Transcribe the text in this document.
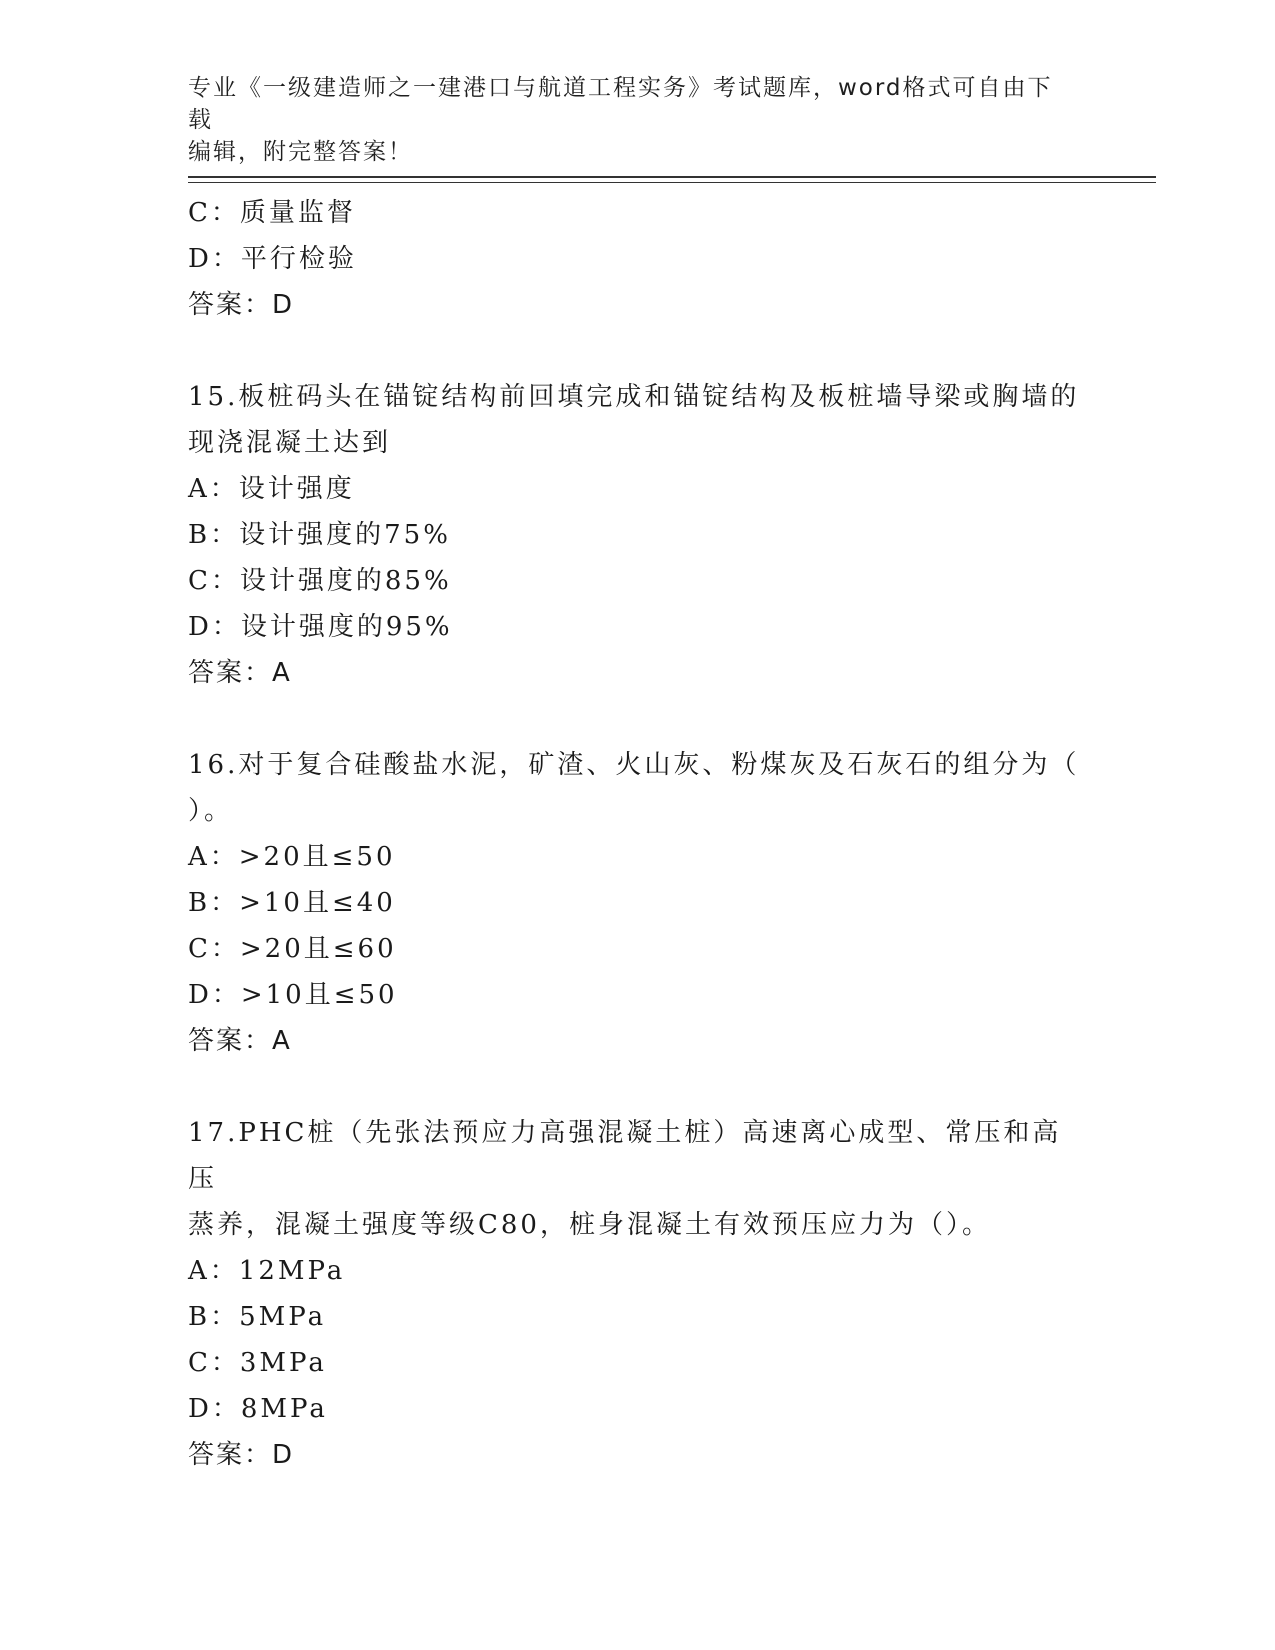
专业《一级建造师之一建港口与航道工程实务》考试题库，word格式可自由下载
编辑，附完整答案！
C：质量监督
D：平行检验
答案：D
15.板桩码头在锚锭结构前回填完成和锚锭结构及板桩墙导梁或胸墙的
现浇混凝土达到
A：设计强度
B：设计强度的75%
C：设计强度的85%
D：设计强度的95%
答案：A
16.对于复合硅酸盐水泥，矿渣、火山灰、粉煤灰及石灰石的组分为（
）。
A：>20且≤50
B：>10且≤40
C：>20且≤60
D：>10且≤50
答案：A
17.PHC桩（先张法预应力高强混凝土桩）高速离心成型、常压和高压
蒸养，混凝土强度等级C80，桩身混凝土有效预压应力为（）。
A：12MPa
B：5MPa
C：3MPa
D：8MPa
答案：D
